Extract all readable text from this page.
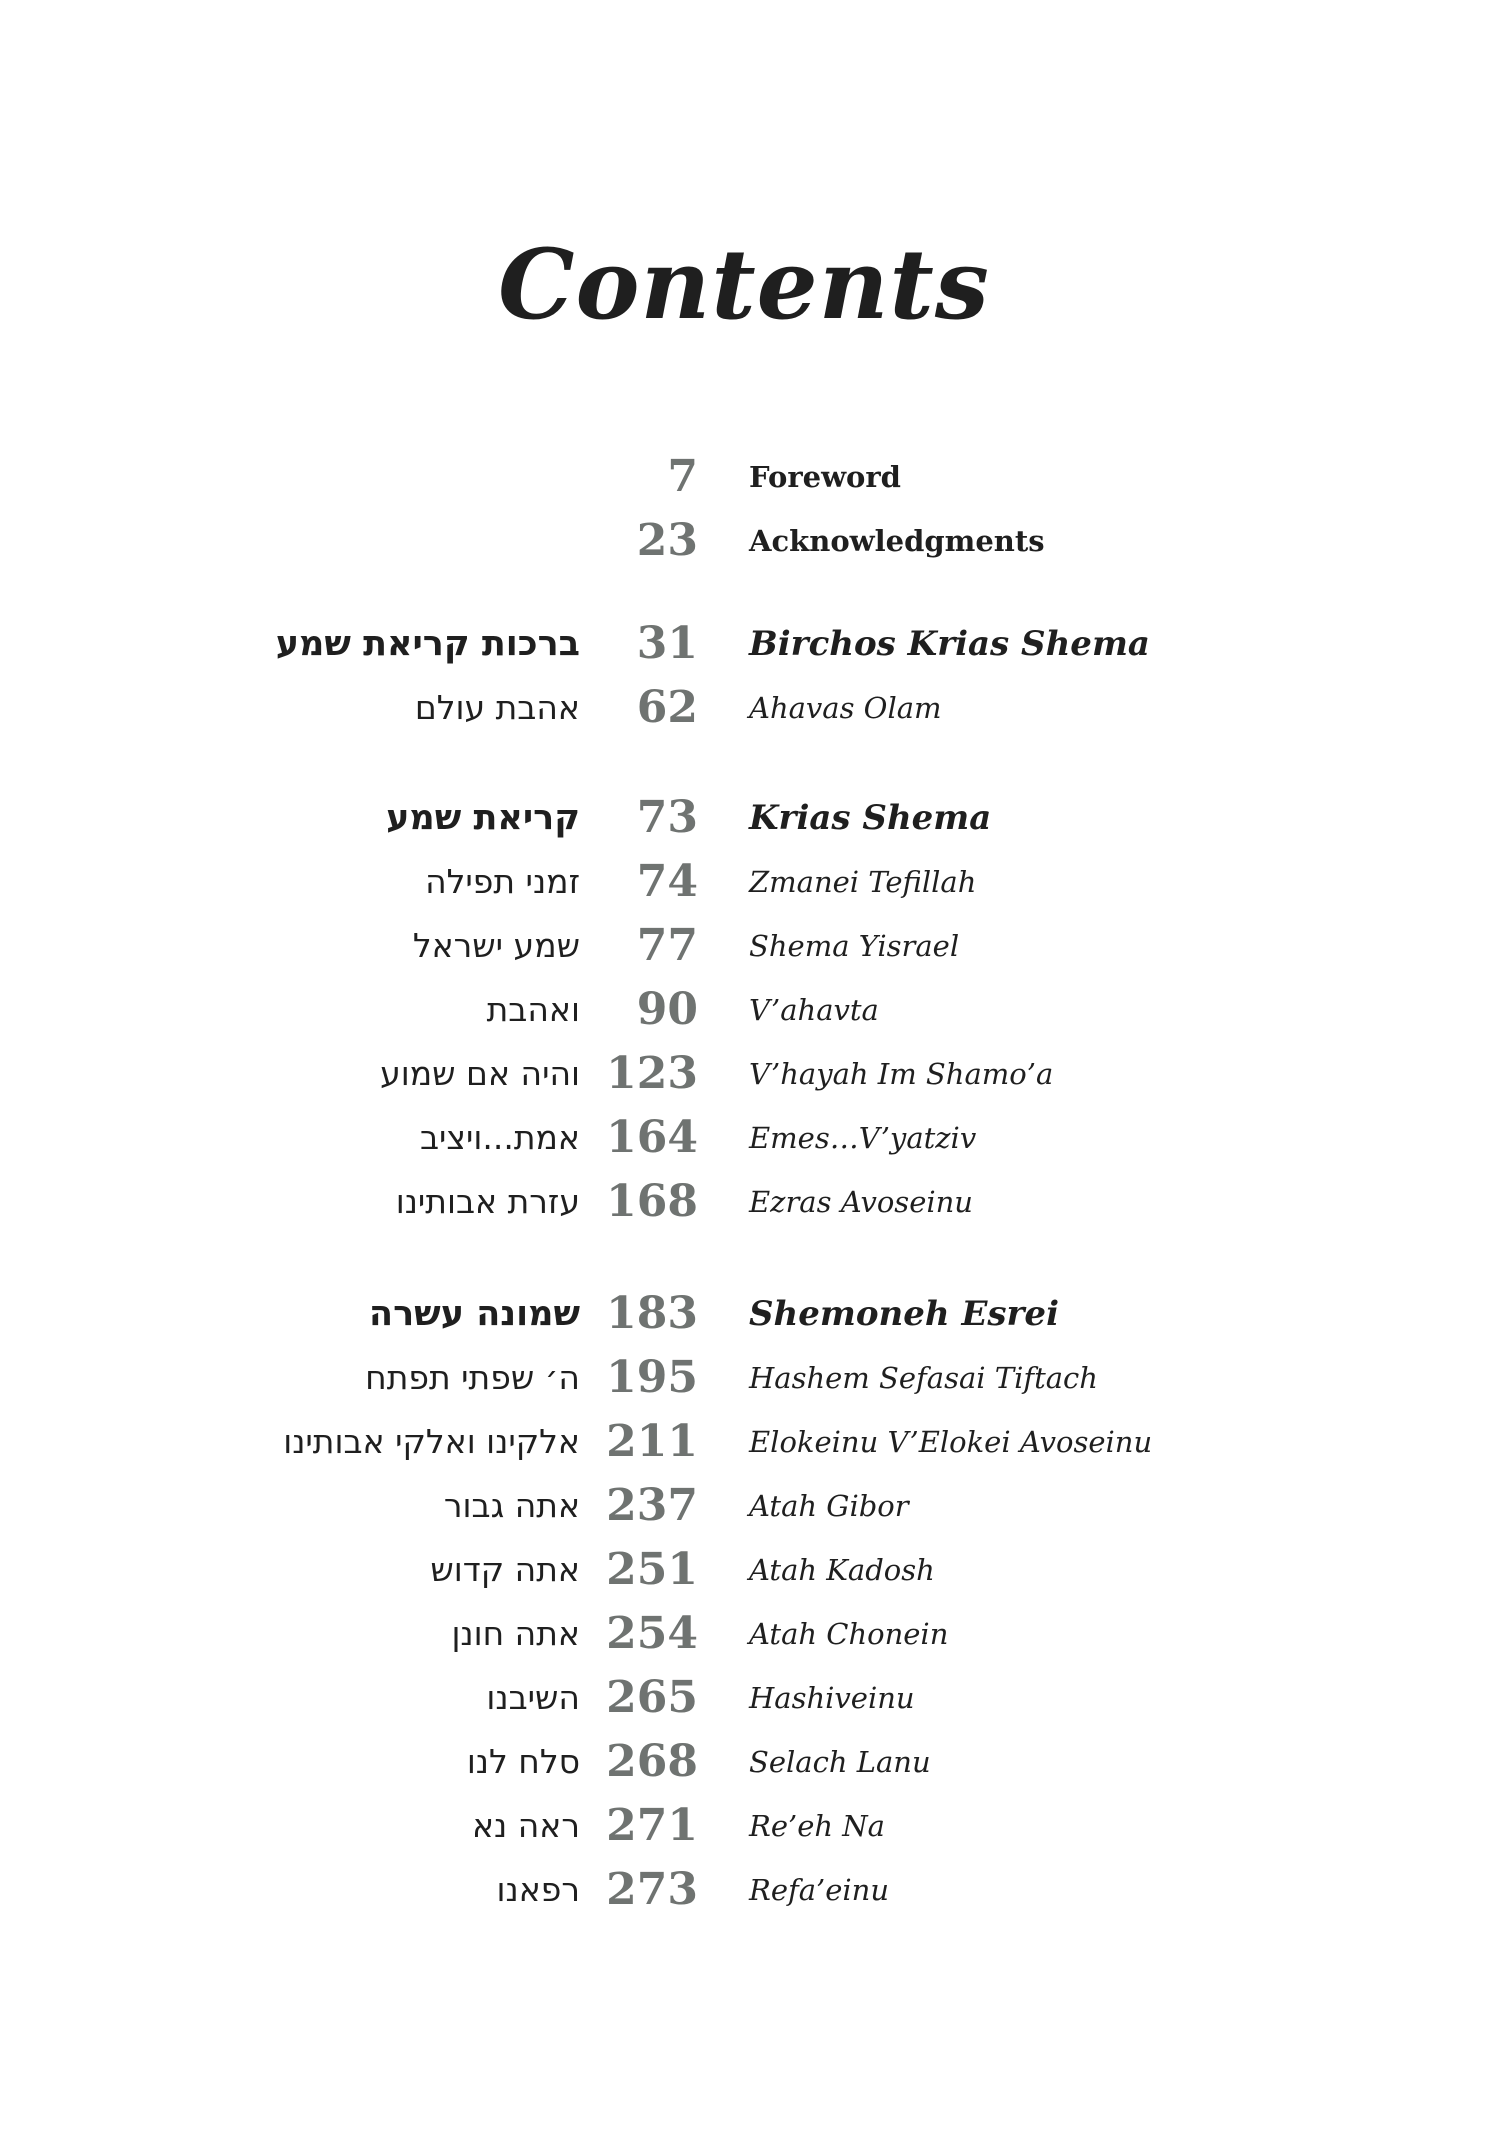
Contents
7 Foreword
23 Acknowledgments
ברכות קריאת שמע	31 Birchos Krias Shema
אהבת עולם	62 Ahavas Olam
קריאת שמע	73 Krias Shema
זמני תפילה	74 Zmanei Tefillah
שמע ישראל	77 Shema Yisrael
ואהבת	90 V’ahavta
והיה אם שמוע 123 V’hayah Im Shamo’a
אמת...ויציב 164 Emes…V’yatziv
עזרת אבותינו 168 Ezras Avoseinu
שמונה עשרה 183 Shemoneh Esrei
ה׳ שפתי תפתח 195 Hashem Sefasai Tiftach
אלקינו ואלקי אבותינו 211 Elokeinu V’Elokei Avoseinu
אתה גבור 237 Atah Gibor
אתה קדוש 251 Atah Kadosh
אתה חונן 254 Atah Chonein
השיבנו 265 Hashiveinu
סלח לנו 268 Selach Lanu
ראה נא 271 Re’eh Na
רפאנו 273 Refa’einu
